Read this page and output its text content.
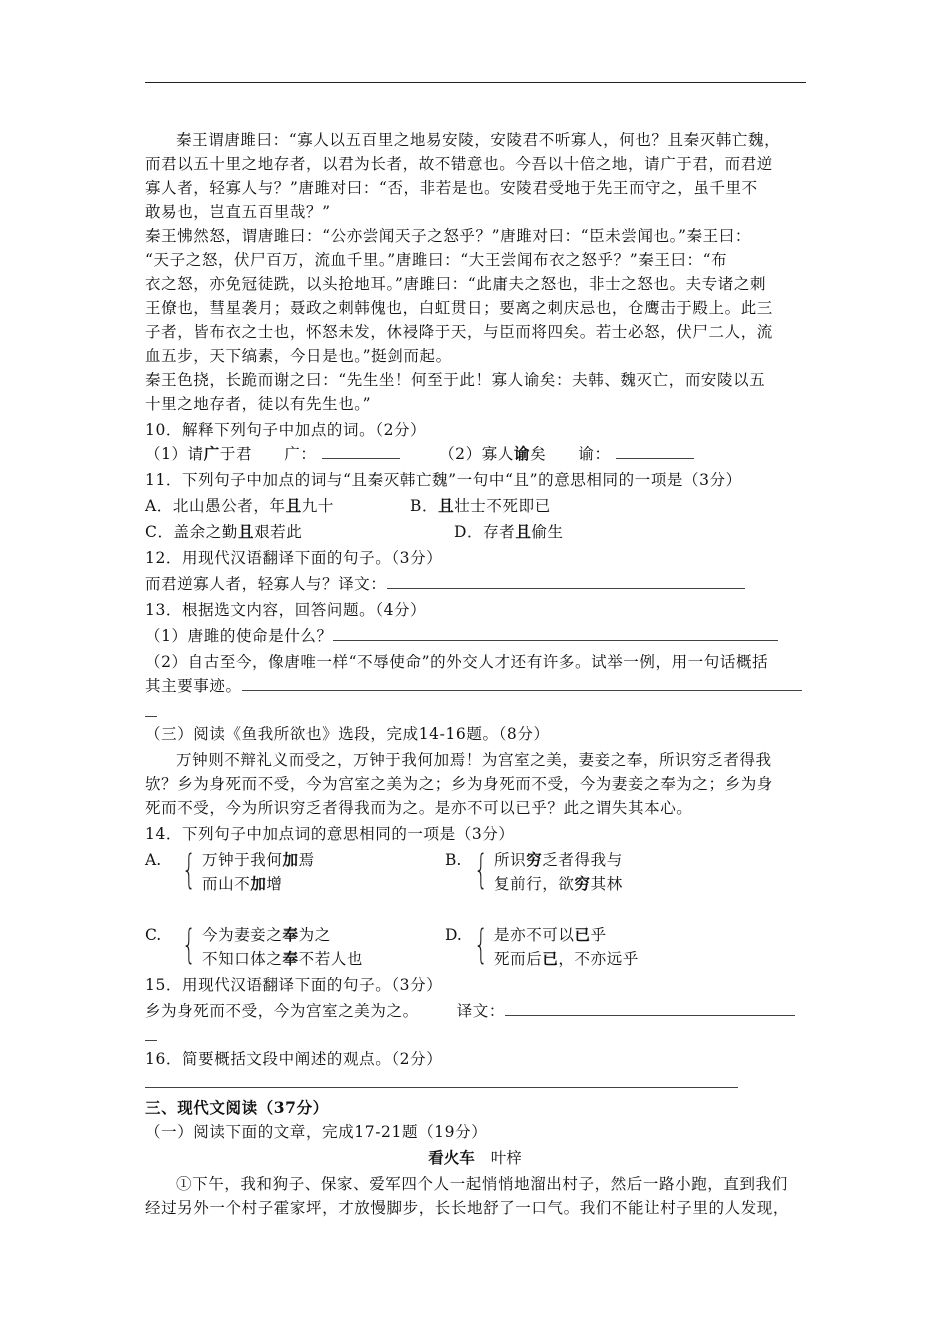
秦王谓唐雎曰：“寡人以五百里之地易安陵，安陵君不听寡人，何也？且秦灭韩亡魏，
而君以五十里之地存者，以君为长者，故不错意也。今吾以十倍之地，请广于君，而君逆
寡人者，轻寡人与？”唐雎对曰：“否，非若是也。安陵君受地于先王而守之，虽千里不
敢易也，岂直五百里哉？”
秦王怫然怒，谓唐雎曰：“公亦尝闻天子之怒乎？”唐雎对曰：“臣未尝闻也。”秦王曰：
“天子之怒，伏尸百万，流血千里。”唐雎曰：“大王尝闻布衣之怒乎？”秦王曰：“布
衣之怒，亦免冠徒跣，以头抢地耳。”唐雎曰：“此庸夫之怒也，非士之怒也。夫专诸之刺
王僚也，彗星袭月；聂政之刺韩傀也，白虹贯日；要离之刺庆忌也，仓鹰击于殿上。此三
子者，皆布衣之士也，怀怒未发，休祲降于天，与臣而将四矣。若士必怒，伏尸二人，流
血五步，天下缟素，今日是也。”挺剑而起。
秦王色挠，长跪而谢之曰：“先生坐！何至于此！寡人谕矣：夫韩、魏灭亡，而安陵以五
十里之地存者，徒以有先生也。”
10．解释下列句子中加点的词。（2分）
（1）请广于君　　广：	（2）寡人谕矣　　谕：
11．下列句子中加点的词与“且秦灭韩亡魏”一句中“且”的意思相同的一项是（3分）
A．北山愚公者，年且九十	B．且壮士不死即已
C．盖余之勤且艰若此	D．存者且偷生
12．用现代汉语翻译下面的句子。（3分）
而君逆寡人者，轻寡人与？译文：
13．根据选文内容，回答问题。（4分）
（1）唐雎的使命是什么？
（2）自古至今，像唐唯一样“不辱使命”的外交人才还有许多。试举一例，用一句话概括
其主要事迹。
（三）阅读《鱼我所欲也》选段，完成14-16题。（8分）
万钟则不辩礼义而受之，万钟于我何加焉！为宫室之美，妻妾之奉，所识穷乏者得我
欤？乡为身死而不受，今为宫室之美为之；乡为身死而不受，今为妻妾之奉为之；乡为身
死而不受，今为所识穷乏者得我而为之。是亦不可以已乎？此之谓失其本心。
14．下列句子中加点词的意思相同的一项是（3分）
A. { 万钟于我何加焉
而山不加增
B. { 所识穷乏者得我与
复前行，欲穷其林
C. { 今为妻妾之奉为之
不知口体之奉不若人也
D. { 是亦不可以已乎
死而后已，不亦远乎
15．用现代汉语翻译下面的句子。（3分）
乡为身死而不受，今为宫室之美为之。 译文：
16．简要概括文段中阐述的观点。（2分）
三、现代文阅读（37分）
（一）阅读下面的文章，完成17-21题（19分）
看火车 叶梓
①下午，我和狗子、保家、爱军四个人一起悄悄地溜出村子，然后一路小跑，直到我们
经过另外一个村子霍家坪，才放慢脚步，长长地舒了一口气。我们不能让村子里的人发现，
